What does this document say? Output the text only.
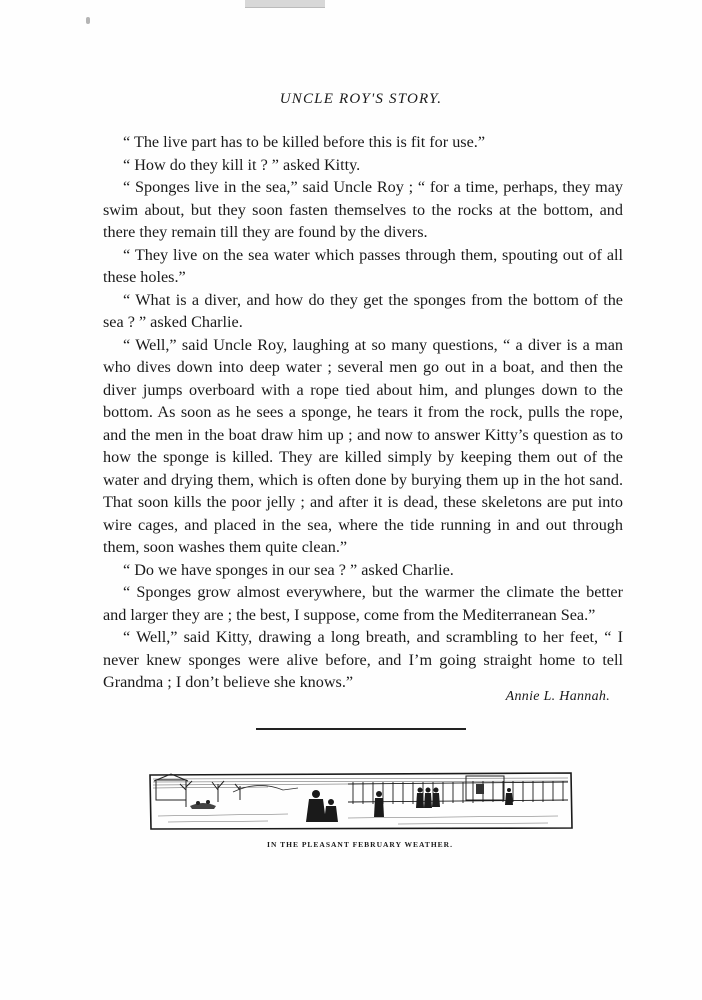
UNCLE ROY'S STORY.

“ The live part has to be killed before this is fit for use.”

“ How do they kill it ? ” asked Kitty.

“ Sponges live in the sea,” said Uncle Roy ; “ for a time, perhaps, they may swim about, but they soon fasten themselves to the rocks at the bottom, and there they remain till they are found by the divers.

“ They live on the sea water which passes through them, spouting out of all these holes.”

“ What is a diver, and how do they get the sponges from the bottom of the sea ? ” asked Charlie.

“ Well,” said Uncle Roy, laughing at so many questions, “ a diver is a man who dives down into deep water ; several men go out in a boat, and then the diver jumps overboard with a rope tied about him, and plunges down to the bottom. As soon as he sees a sponge, he tears it from the rock, pulls the rope, and the men in the boat draw him up ; and now to answer Kitty’s question as to how the sponge is killed. They are killed simply by keeping them out of the water and drying them, which is often done by burying them up in the hot sand. That soon kills the poor jelly ; and after it is dead, these skeletons are put into wire cages, and placed in the sea, where the tide running in and out through them, soon washes them quite clean.”

“ Do we have sponges in our sea ? ” asked Charlie.

“ Sponges grow almost everywhere, but the warmer the climate the better and larger they are ; the best, I suppose, come from the Mediterranean Sea.”

“ Well,” said Kitty, drawing a long breath, and scrambling to her feet, “ I never knew sponges were alive before, and I’m going straight home to tell Grandma ; I don’t believe she knows.”

Annie L. Hannah.
IN THE PLEASANT FEBRUARY WEATHER.
